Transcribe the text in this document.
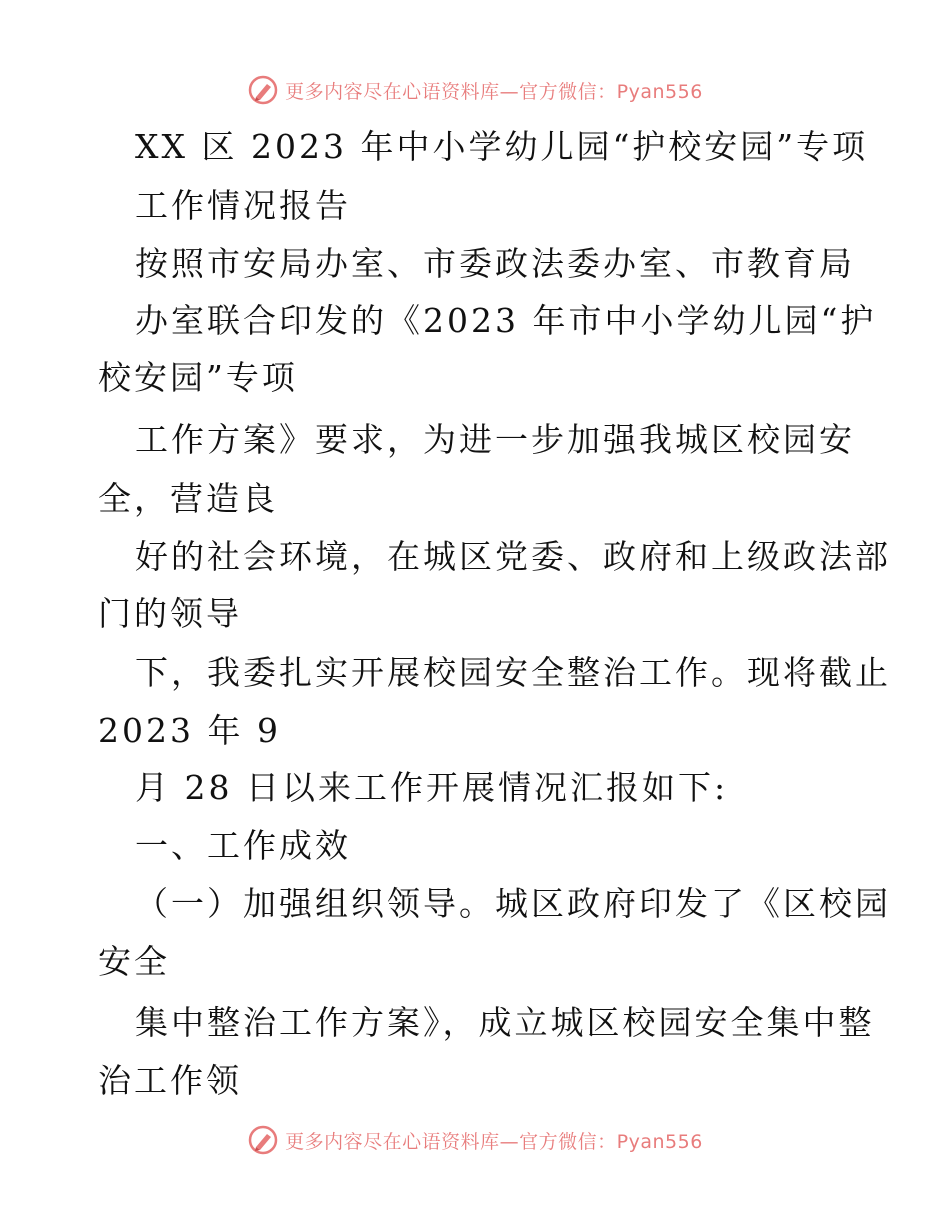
更多内容尽在心语资料库—官方微信：Pyan556
XX 区 2023 年中小学幼儿园“护校安园”专项
工作情况报告
按照市安局办室、市委政法委办室、市教育局
办室联合印发的《2023 年市中小学幼儿园“护
校安园”专项
工作方案》要求，为进一步加强我城区校园安
全，营造良
好的社会环境，在城区党委、政府和上级政法部
门的领导
下，我委扎实开展校园安全整治工作。现将截止
2023 年 9
月 28 日以来工作开展情况汇报如下:
一、工作成效
（一）加强组织领导。城区政府印发了《区校园
安全
集中整治工作方案》，成立城区校园安全集中整
治工作领
更多内容尽在心语资料库—官方微信：Pyan556
